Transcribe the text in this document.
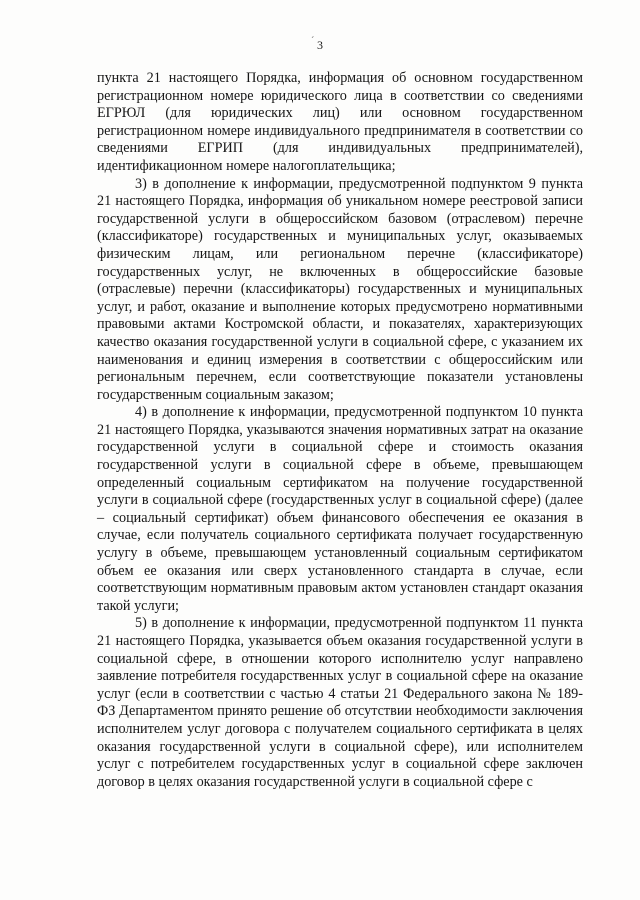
´ 3

пункта 21 настоящего Порядка, информация об основном государственном регистрационном номере юридического лица в соответствии со сведениями ЕГРЮЛ (для юридических лиц) или основном государственном регистрационном номере индивидуального предпринимателя в соответствии со сведениями ЕГРИП (для индивидуальных предпринимателей), идентификационном номере налогоплательщика;

3) в дополнение к информации, предусмотренной подпунктом 9 пункта 21 настоящего Порядка, информация об уникальном номере реестровой записи государственной услуги в общероссийском базовом (отраслевом) перечне (классификаторе) государственных и муниципальных услуг, оказываемых физическим лицам, или региональном перечне (классификаторе) государственных услуг, не включенных в общероссийские базовые (отраслевые) перечни (классификаторы) государственных и муниципальных услуг, и работ, оказание и выполнение которых предусмотрено нормативными правовыми актами Костромской области, и показателях, характеризующих качество оказания государственной услуги в социальной сфере, с указанием их наименования и единиц измерения в соответствии с общероссийским или региональным перечнем, если соответствующие показатели установлены государственным социальным заказом;

4) в дополнение к информации, предусмотренной подпунктом 10 пункта 21 настоящего Порядка, указываются значения нормативных затрат на оказание государственной услуги в социальной сфере и стоимость оказания государственной услуги в социальной сфере в объеме, превышающем определенный социальным сертификатом на получение государственной услуги в социальной сфере (государственных услуг в социальной сфере) (далее – социальный сертификат) объем финансового обеспечения ее оказания в случае, если получатель социального сертификата получает государственную услугу в объеме, превышающем установленный социальным сертификатом объем ее оказания или сверх установленного стандарта в случае, если соответствующим нормативным правовым актом установлен стандарт оказания такой услуги;

5) в дополнение к информации, предусмотренной подпунктом 11 пункта 21 настоящего Порядка, указывается объем оказания государственной услуги в социальной сфере, в отношении которого исполнителю услуг направлено заявление потребителя государственных услуг в социальной сфере на оказание услуг (если в соответствии с частью 4 статьи 21 Федерального закона № 189-ФЗ Департаментом принято решение об отсутствии необходимости заключения исполнителем услуг договора с получателем социального сертификата в целях оказания государственной услуги в социальной сфере), или исполнителем услуг с потребителем государственных услуг в социальной сфере заключен договор в целях оказания государственной услуги в социальной сфере с
